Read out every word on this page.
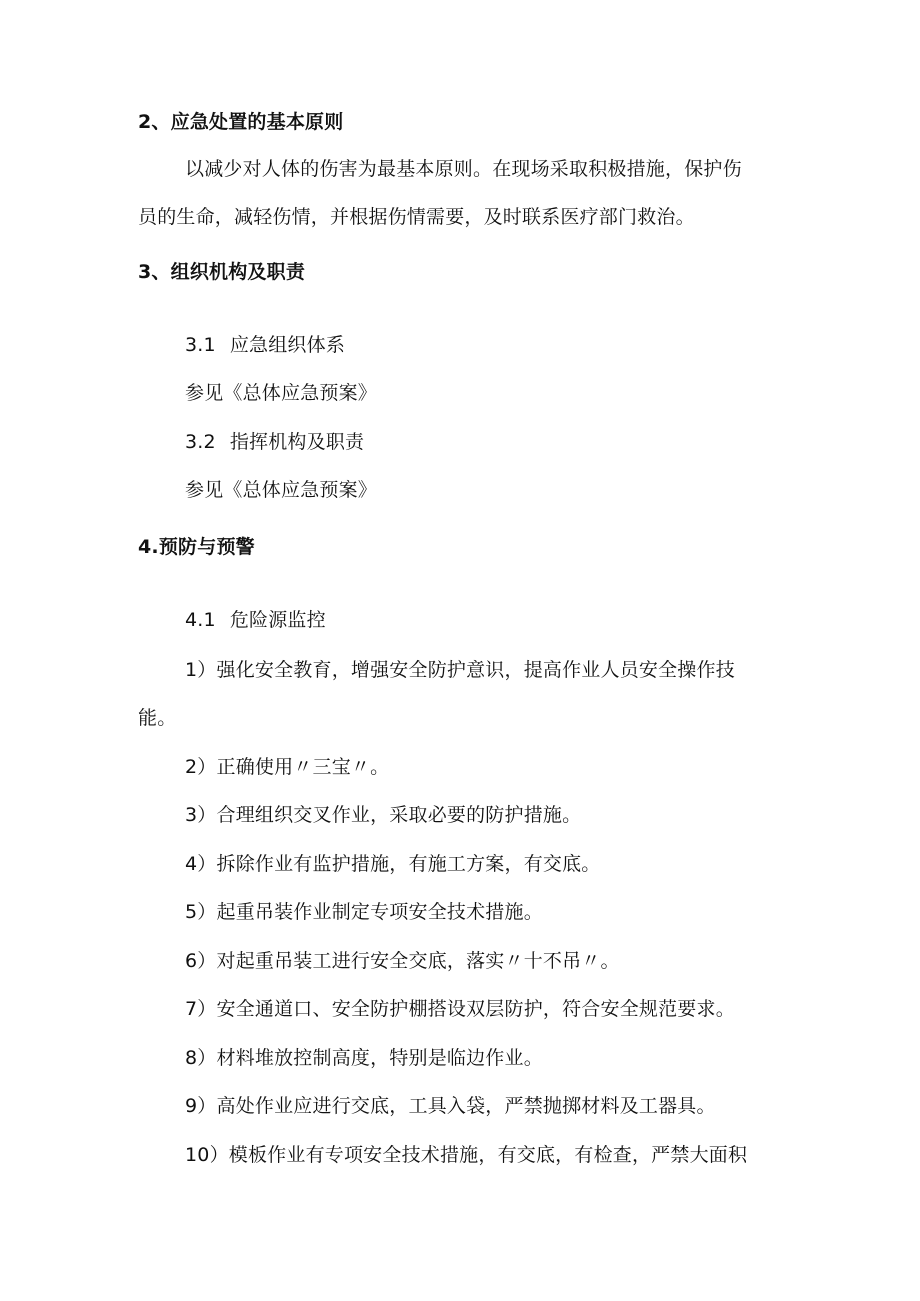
2、应急处置的基本原则
以减少对人体的伤害为最基本原则。在现场采取积极措施，保护伤
员的生命，减轻伤情，并根据伤情需要，及时联系医疗部门救治。
3、组织机构及职责
3.1 应急组织体系
参见《总体应急预案》
3.2 指挥机构及职责
参见《总体应急预案》
4.预防与预警
4.1 危险源监控
1）强化安全教育，增强安全防护意识，提高作业人员安全操作技
能。
2）正确使用〃三宝〃。
3）合理组织交叉作业，采取必要的防护措施。
4）拆除作业有监护措施，有施工方案，有交底。
5）起重吊装作业制定专项安全技术措施。
6）对起重吊装工进行安全交底，落实〃十不吊〃。
7）安全通道口、安全防护棚搭设双层防护，符合安全规范要求。
8）材料堆放控制高度，特别是临边作业。
9）高处作业应进行交底，工具入袋，严禁抛掷材料及工器具。
10）模板作业有专项安全技术措施，有交底，有检查，严禁大面积
